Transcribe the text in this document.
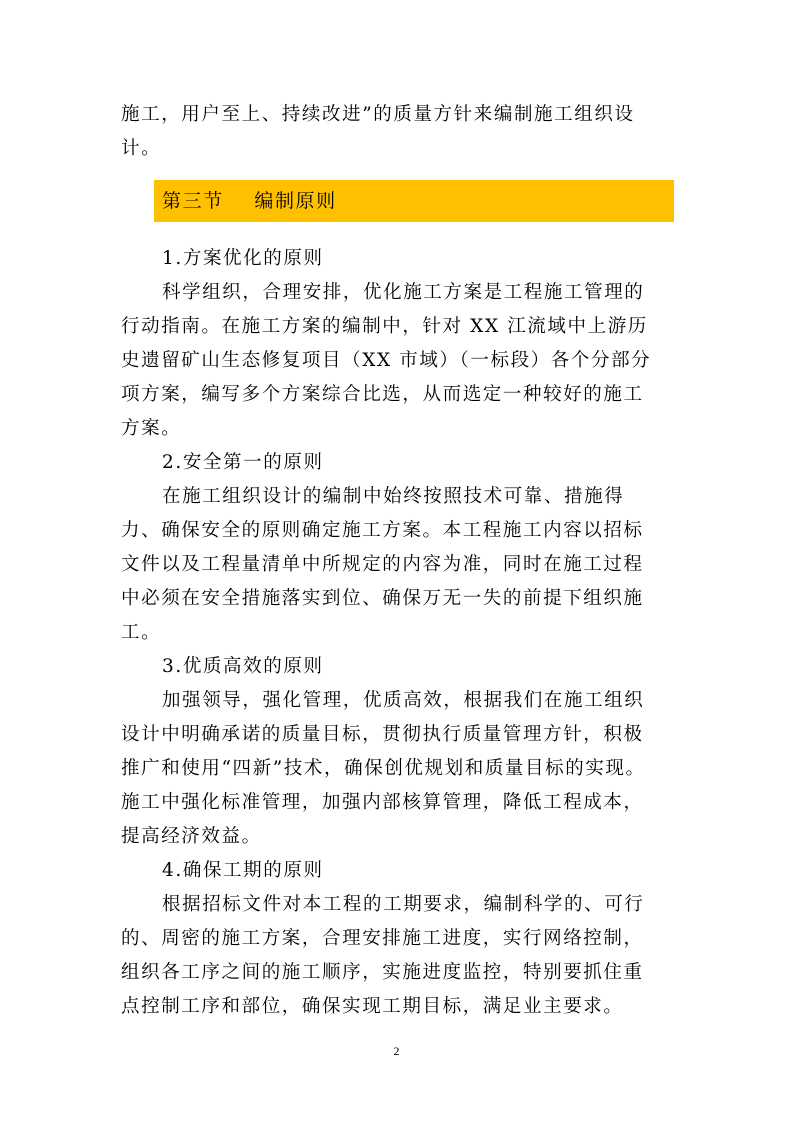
施工，用户至上、持续改进”的质量方针来编制施工组织设
计。
第三节    编制原则
1.方案优化的原则
科学组织，合理安排，优化施工方案是工程施工管理的
行动指南。在施工方案的编制中，针对 XX 江流域中上游历
史遗留矿山生态修复项目（XX 市域）（一标段）各个分部分
项方案，编写多个方案综合比选，从而选定一种较好的施工
方案。
2.安全第一的原则
在施工组织设计的编制中始终按照技术可靠、措施得
力、确保安全的原则确定施工方案。本工程施工内容以招标
文件以及工程量清单中所规定的内容为准，同时在施工过程
中必须在安全措施落实到位、确保万无一失的前提下组织施
工。
3.优质高效的原则
加强领导，强化管理，优质高效，根据我们在施工组织
设计中明确承诺的质量目标，贯彻执行质量管理方针，积极
推广和使用“四新”技术，确保创优规划和质量目标的实现。
施工中强化标准管理，加强内部核算管理，降低工程成本，
提高经济效益。
4.确保工期的原则
根据招标文件对本工程的工期要求，编制科学的、可行
的、周密的施工方案，合理安排施工进度，实行网络控制，
组织各工序之间的施工顺序，实施进度监控，特别要抓住重
点控制工序和部位，确保实现工期目标，满足业主要求。
2
